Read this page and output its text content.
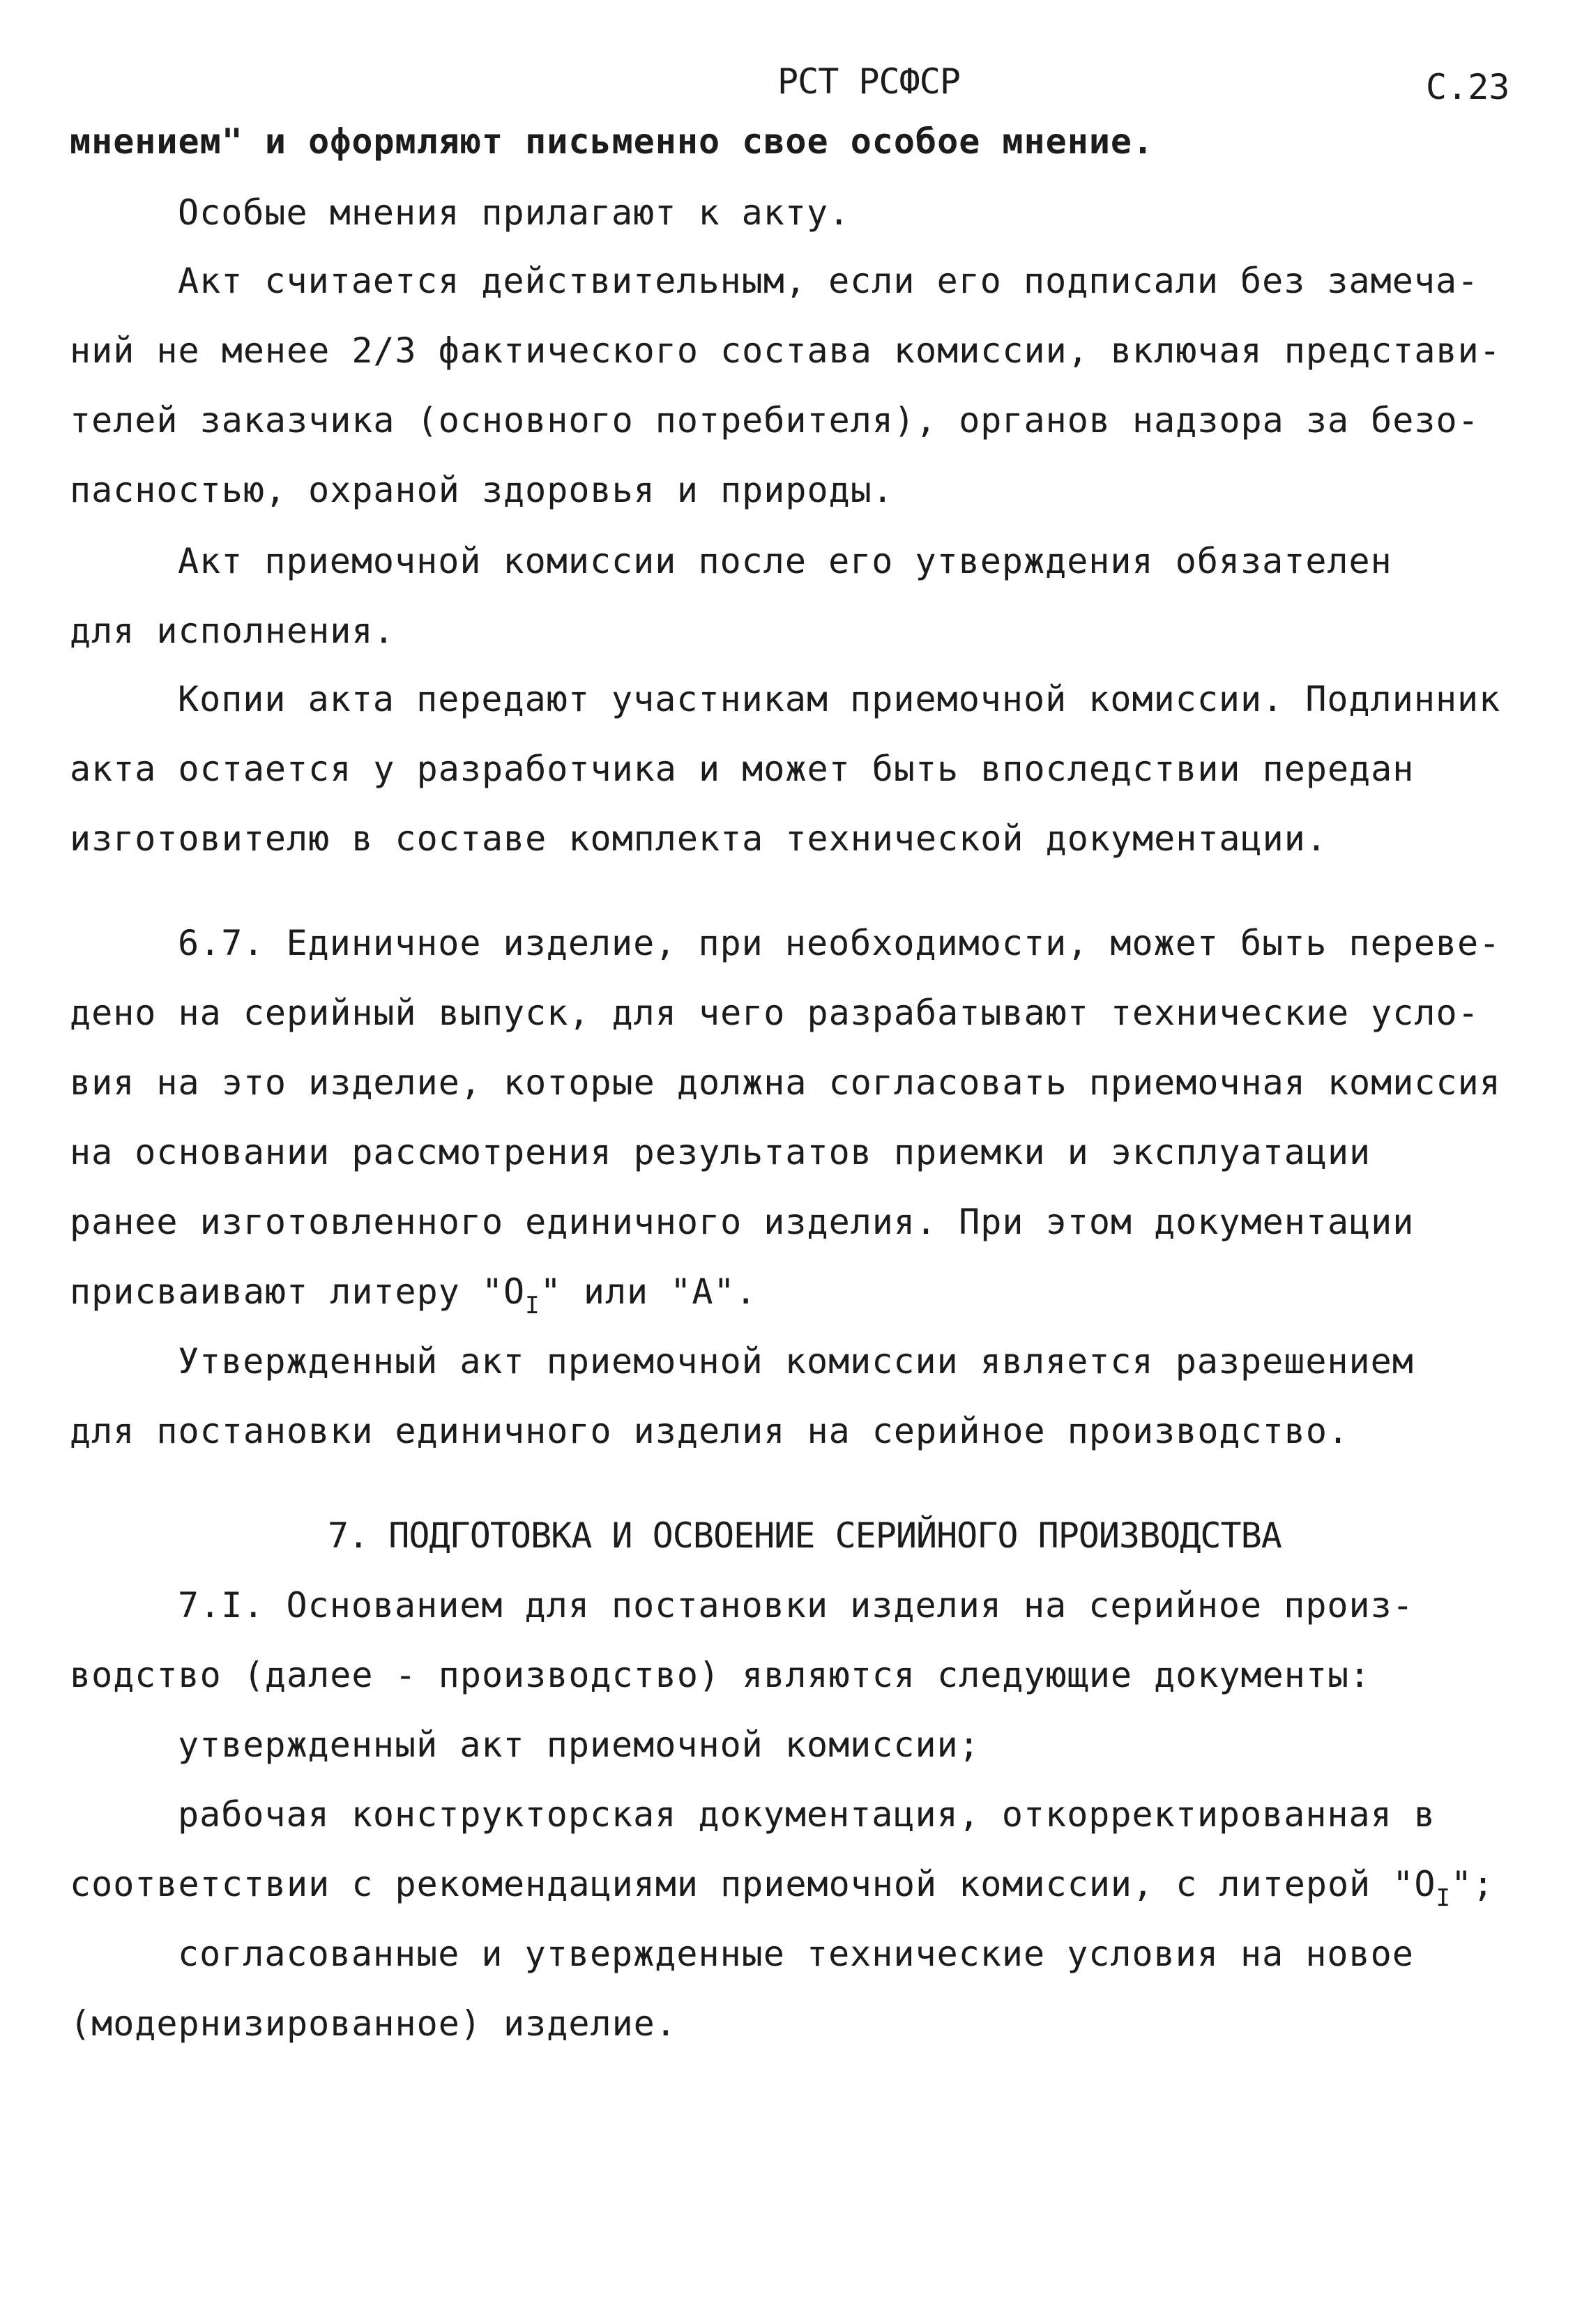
РСТ РСФСР	С.23
мнением" и оформляют письменно свое особое мнение.
Особые мнения прилагают к акту.
Акт считается действительным, если его подписали без замеча-
ний не менее 2/3 фактического состава комиссии, включая представи-
телей заказчика (основного потребителя), органов надзора за безо-
пасностью, охраной здоровья и природы.
Акт приемочной комиссии после его утверждения обязателен
для исполнения.
Копии акта передают участникам приемочной комиссии. Подлинник
акта остается у разработчика и может быть впоследствии передан
изготовителю в составе комплекта технической документации.
6.7. Единичное изделие, при необходимости, может быть переве-
дено на серийный выпуск, для чего разрабатывают технические усло-
вия на это изделие, которые должна согласовать приемочная комиссия
на основании рассмотрения результатов приемки и эксплуатации
ранее изготовленного единичного изделия. При этом документации
присваивают литеру "$О_I$" или "А".
Утвержденный акт приемочной комиссии является разрешением
для постановки единичного изделия на серийное производство.
7. ПОДГОТОВКА И ОСВОЕНИЕ СЕРИЙНОГО ПРОИЗВОДСТВА
7.I. Основанием для постановки изделия на серийное произ-
водство (далее - производство) являются следующие документы:
утвержденный акт приемочной комиссии;
рабочая конструкторская документация, откорректированная в
соответствии с рекомендациями приемочной комиссии, с литерой "$О_I$";
согласованные и утвержденные технические условия на новое
(модернизированное) изделие.
